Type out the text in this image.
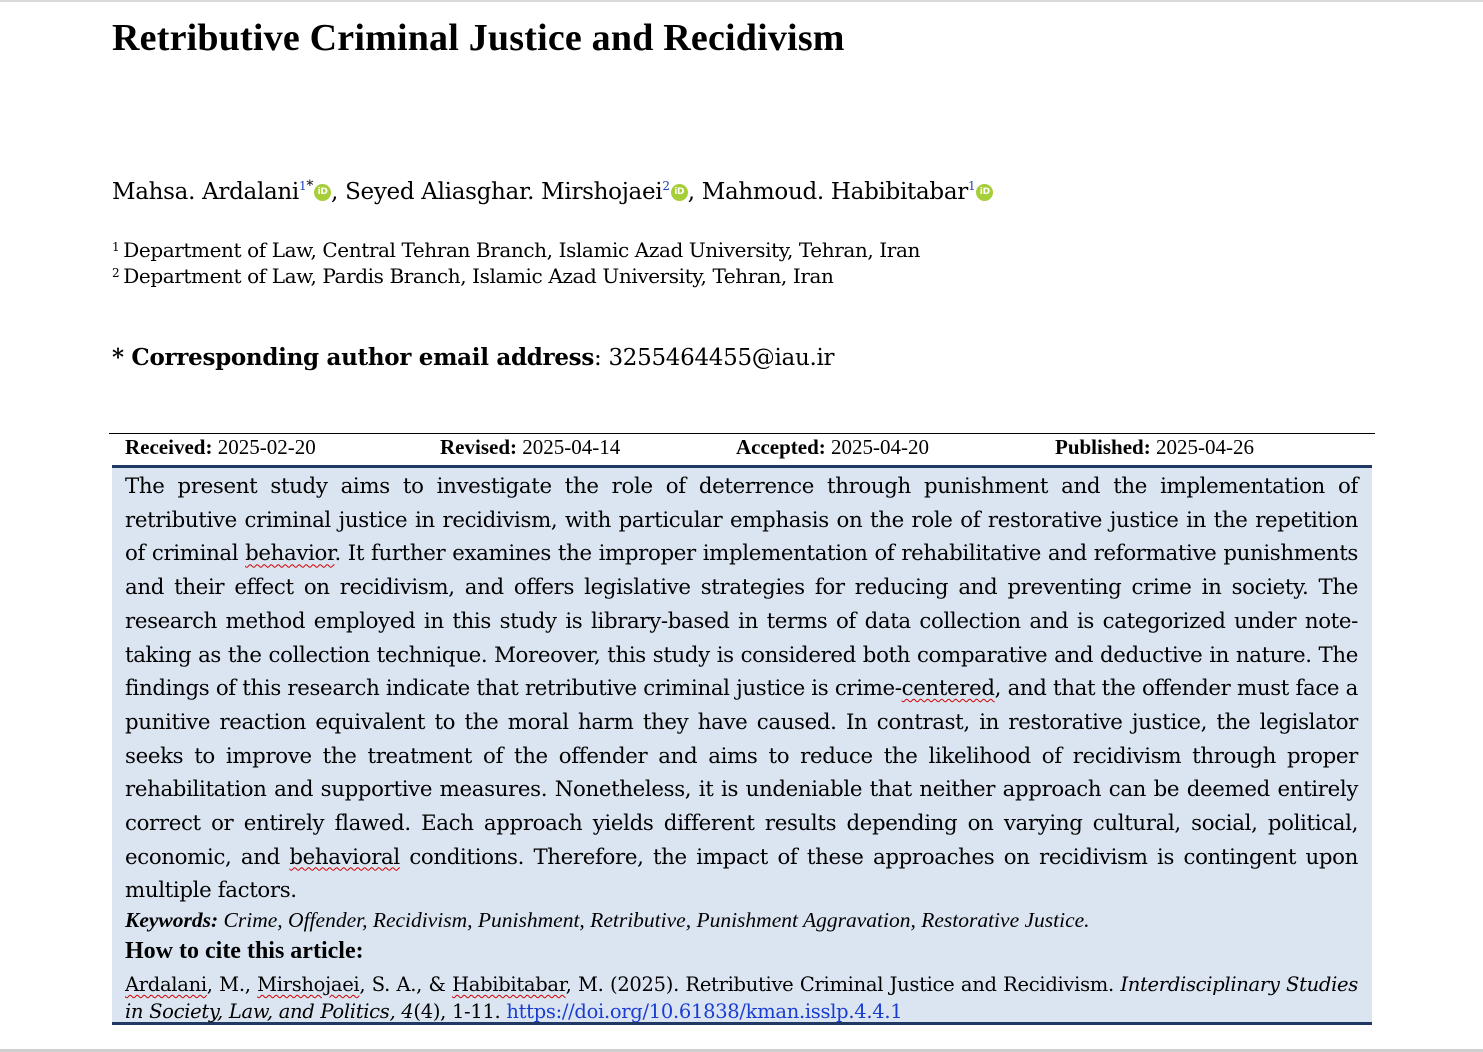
Retributive Criminal Justice and Recidivism
Mahsa. Ardalani$^{1*}$ iD , Seyed Aliasghar. Mirshojaei$^2$ iD , Mahmoud. Habibitabar$^1$ iD
$^1$ Department of Law, Central Tehran Branch, Islamic Azad University, Tehran, Iran
$^2$ Department of Law, Pardis Branch, Islamic Azad University, Tehran, Iran
* Corresponding author email address: 3255464455@iau.ir
Received: 2025-02-20	Revised: 2025-04-14	Accepted: 2025-04-20	Published: 2025-04-26

The present study aims to investigate the role of deterrence through punishment and the implementation of retributive criminal justice in recidivism, with particular emphasis on the role of restorative justice in the repetition of criminal behavior. It further examines the improper implementation of rehabilitative and reformative punishments and their effect on recidivism, and offers legislative strategies for reducing and preventing crime in society. The research method employed in this study is library-based in terms of data collection and is categorized under note-taking as the collection technique. Moreover, this study is considered both comparative and deductive in nature. The findings of this research indicate that retributive criminal justice is crime-centered, and that the offender must face a punitive reaction equivalent to the moral harm they have caused. In contrast, in restorative justice, the legislator seeks to improve the treatment of the offender and aims to reduce the likelihood of recidivism through proper rehabilitation and supportive measures. Nonetheless, it is undeniable that neither approach can be deemed entirely correct or entirely flawed. Each approach yields different results depending on varying cultural, social, political, economic, and behavioral conditions. Therefore, the impact of these approaches on recidivism is contingent upon multiple factors.

Keywords: Crime, Offender, Recidivism, Punishment, Retributive, Punishment Aggravation, Restorative Justice.
How to cite this article:

Ardalani, M., Mirshojaei, S. A., & Habibitabar, M. (2025). Retributive Criminal Justice and Recidivism. Interdisciplinary Studies in Society, Law, and Politics, 4(4), 1-11. https://doi.org/10.61838/kman.isslp.4.4.1
